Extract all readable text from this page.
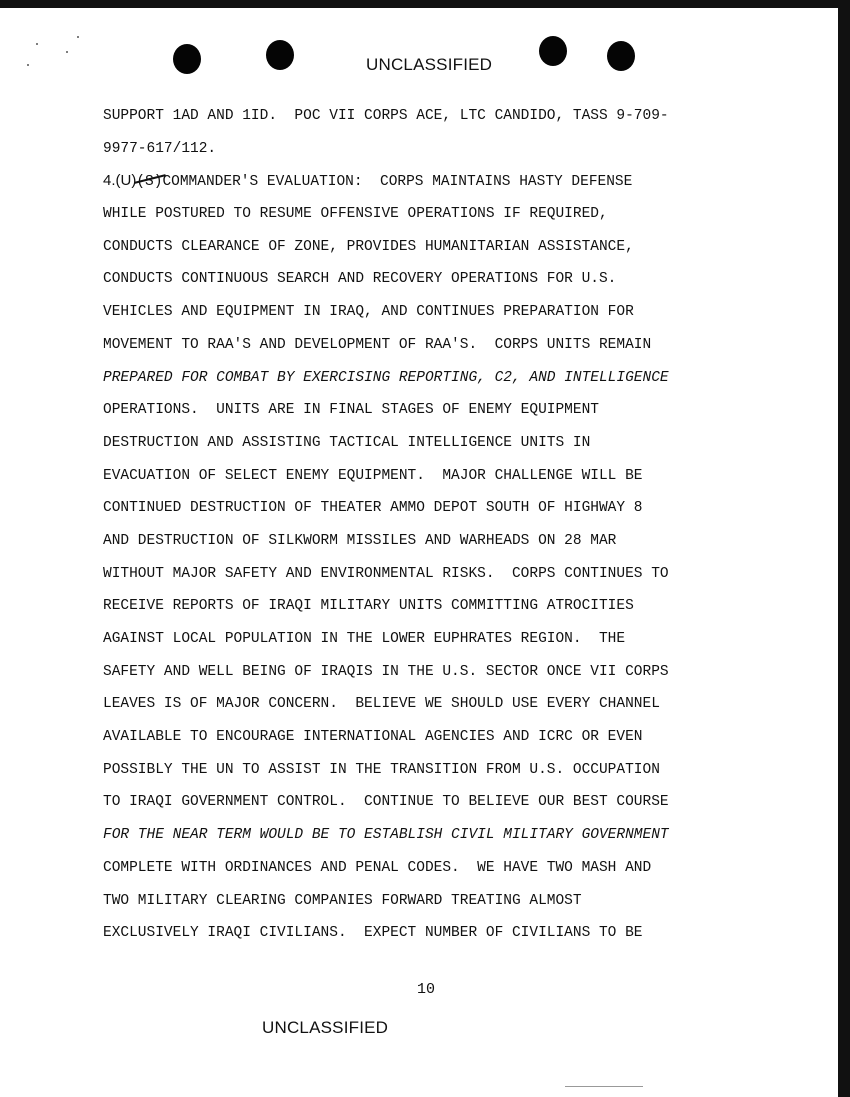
UNCLASSIFIED
SUPPORT 1AD AND 1ID.  POC VII CORPS ACE, LTC CANDIDO, TASS 9-709-
9977-617/112.
4.(U)(S)COMMANDER'S EVALUATION:  CORPS MAINTAINS HASTY DEFENSE
WHILE POSTURED TO RESUME OFFENSIVE OPERATIONS IF REQUIRED,
CONDUCTS CLEARANCE OF ZONE, PROVIDES HUMANITARIAN ASSISTANCE,
CONDUCTS CONTINUOUS SEARCH AND RECOVERY OPERATIONS FOR U.S.
VEHICLES AND EQUIPMENT IN IRAQ, AND CONTINUES PREPARATION FOR
MOVEMENT TO RAA'S AND DEVELOPMENT OF RAA'S.  CORPS UNITS REMAIN
PREPARED FOR COMBAT BY EXERCISING REPORTING, C2, AND INTELLIGENCE
OPERATIONS.  UNITS ARE IN FINAL STAGES OF ENEMY EQUIPMENT
DESTRUCTION AND ASSISTING TACTICAL INTELLIGENCE UNITS IN
EVACUATION OF SELECT ENEMY EQUIPMENT.  MAJOR CHALLENGE WILL BE
CONTINUED DESTRUCTION OF THEATER AMMO DEPOT SOUTH OF HIGHWAY 8
AND DESTRUCTION OF SILKWORM MISSILES AND WARHEADS ON 28 MAR
WITHOUT MAJOR SAFETY AND ENVIRONMENTAL RISKS.  CORPS CONTINUES TO
RECEIVE REPORTS OF IRAQI MILITARY UNITS COMMITTING ATROCITIES
AGAINST LOCAL POPULATION IN THE LOWER EUPHRATES REGION.  THE
SAFETY AND WELL BEING OF IRAQIS IN THE U.S. SECTOR ONCE VII CORPS
LEAVES IS OF MAJOR CONCERN.  BELIEVE WE SHOULD USE EVERY CHANNEL
AVAILABLE TO ENCOURAGE INTERNATIONAL AGENCIES AND ICRC OR EVEN
POSSIBLY THE UN TO ASSIST IN THE TRANSITION FROM U.S. OCCUPATION
TO IRAQI GOVERNMENT CONTROL.  CONTINUE TO BELIEVE OUR BEST COURSE
FOR THE NEAR TERM WOULD BE TO ESTABLISH CIVIL MILITARY GOVERNMENT
COMPLETE WITH ORDINANCES AND PENAL CODES.  WE HAVE TWO MASH AND
TWO MILITARY CLEARING COMPANIES FORWARD TREATING ALMOST
EXCLUSIVELY IRAQI CIVILIANS.  EXPECT NUMBER OF CIVILIANS TO BE
10
UNCLASSIFIED
